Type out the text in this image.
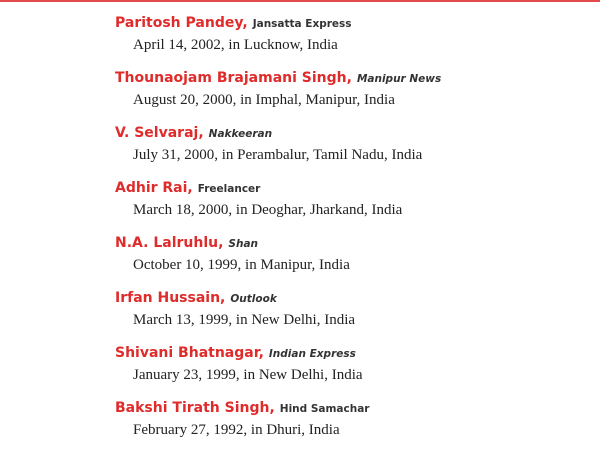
Paritosh Pandey, Jansatta Express
April 14, 2002, in Lucknow, India
Thounaojam Brajamani Singh, Manipur News
August 20, 2000, in Imphal, Manipur, India
V. Selvaraj, Nakkeeran
July 31, 2000, in Perambalur, Tamil Nadu, India
Adhir Rai, Freelancer
March 18, 2000, in Deoghar, Jharkand, India
N.A. Lalruhlu, Shan
October 10, 1999, in Manipur, India
Irfan Hussain, Outlook
March 13, 1999, in New Delhi, India
Shivani Bhatnagar, Indian Express
January 23, 1999, in New Delhi, India
Bakshi Tirath Singh, Hind Samachar
February 27, 1992, in Dhuri, India
